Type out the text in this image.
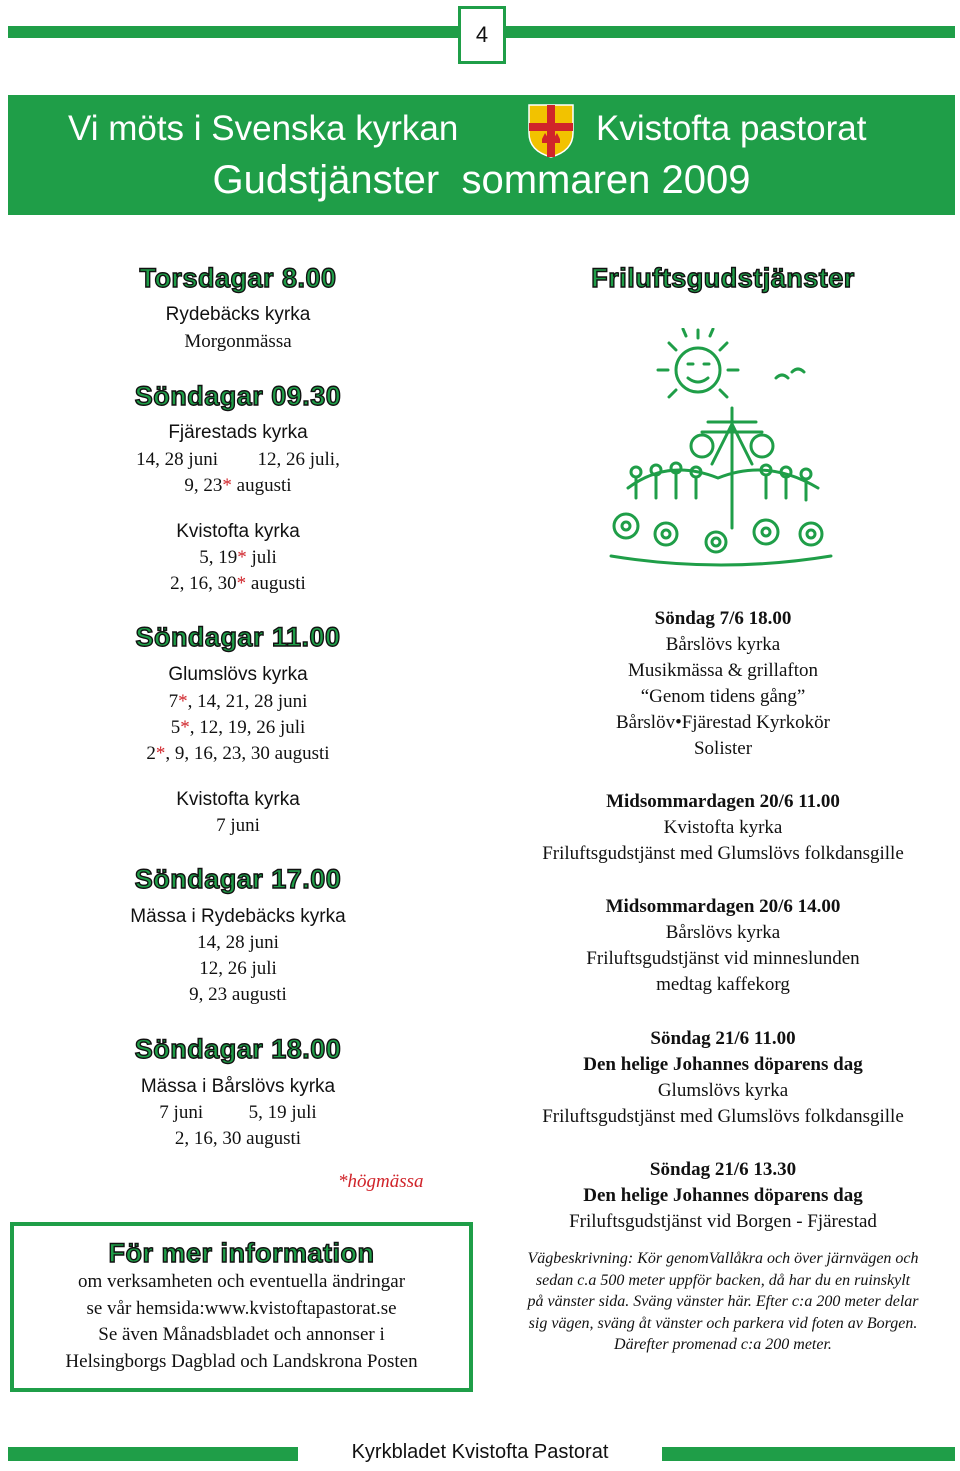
4
Vi möts i Svenska kyrkan	Kvistofta pastorat
Gudstjänster  sommaren 2009
Torsdagar 8.00
Rydebäcks kyrka
Morgonmässa
Söndagar 09.30
Fjärestads kyrka
14, 28 juni 12, 26 juli,
9, 23* augusti
Kvistofta kyrka
5, 19* juli
2, 16, 30* augusti
Söndagar 11.00
Glumslövs kyrka
7*, 14, 21, 28 juni
5*, 12, 19, 26 juli
2*, 9, 16, 23, 30 augusti
Kvistofta kyrka
7 juni
Söndagar 17.00
Mässa i Rydebäcks kyrka
14, 28 juni
12, 26 juli
9, 23 augusti
Söndagar 18.00
Mässa i Bårslövs kyrka
7 juni 5, 19 juli
2, 16, 30 augusti
*högmässa
För mer information
om verksamheten och eventuella ändringar
se vår hemsida:www.kvistoftapastorat.se
Se även Månadsbladet och annonser i
Helsingborgs Dagblad och Landskrona Posten
Friluftsgudstjänster
Söndag 7/6 18.00
Bårslövs kyrka
Musikmässa & grillafton
“Genom tidens gång”
Bårslöv•Fjärestad Kyrkokör
Solister
Midsommardagen 20/6 11.00
Kvistofta kyrka
Friluftsgudstjänst med Glumslövs folkdansgille
Midsommardagen 20/6 14.00
Bårslövs kyrka
Friluftsgudstjänst vid minneslunden
medtag kaffekorg
Söndag 21/6 11.00
Den helige Johannes döparens dag
Glumslövs kyrka
Friluftsgudstjänst med Glumslövs folkdansgille
Söndag 21/6 13.30
Den helige Johannes döparens dag
Friluftsgudstjänst vid Borgen - Fjärestad
Vägbeskrivning: Kör genomVallåkra och över järnvägen och
sedan c.a 500 meter uppför backen, då har du en ruinskylt
på vänster sida. Sväng vänster här. Efter c:a 200 meter delar
sig vägen, sväng åt vänster och parkera vid foten av Borgen.
Därefter promenad c:a 200 meter.
Kyrkbladet Kvistofta Pastorat
